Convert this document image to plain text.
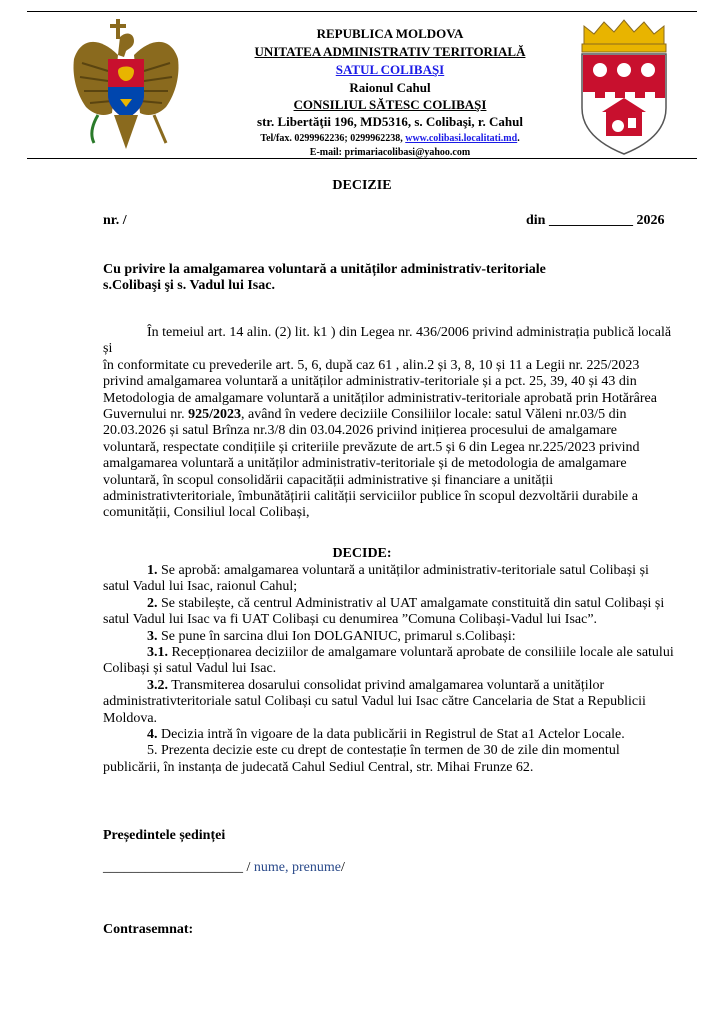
REPUBLICA MOLDOVA
UNITATEA ADMINISTRATIV TERITORIALĂ
SATUL COLIBAŞI
Raionul Cahul
CONSILIUL SĂTESC COLIBAŞI
str. Libertăţii 196, MD5316, s. Colibaşi, r. Cahul
Tel/fax. 0299962236; 0299962238, www.colibasi.localitati.md.
E-mail: primariacolibasi@yahoo.com
DECIZIE
nr. /	din ____________ 2026

Cu privire la amalgamarea voluntară a unităților administrativ-teritoriale

s.Colibaşi şi s. Vadul lui Isac.

În temeiul art. 14 alin. (2) lit. k1 ) din Legea nr. 436/2006 privind administrația publică locală și

în conformitate cu prevederile art. 5, 6, după caz 61 , alin.2 și 3, 8, 10 și 11 a Legii nr. 225/2023 privind amalgamarea voluntară a unităților administrativ-teritoriale și a pct. 25, 39, 40 și 43 din Metodologia de amalgamare voluntară a unităților administrativ-teritoriale aprobată prin Hotărârea Guvernului nr. 925/2023, având în vedere deciziile Consiliilor locale: satul Văleni nr.03/5 din 20.03.2026 și satul Brînza nr.3/8 din 03.04.2026 privind inițierea procesului de amalgamare voluntară, respectate condițiile și criteriile prevăzute de art.5 și 6 din Legea nr.225/2023 privind amalgamarea voluntară a unităților administrativ-teritoriale și de metodologia de amalgamare voluntară, în scopul consolidării capacității administrative și financiare a unității administrativteritoriale, îmbunătățirii calității serviciilor publice în scopul dezvoltării durabile a comunității, Consiliul local Colibași,

DECIDE:

1. Se aprobă: amalgamarea voluntară a unităților administrativ-teritoriale satul Colibași și satul Vadul lui Isac, raionul Cahul;

2. Se stabilește, că centrul Administrativ al UAT amalgamate constituită din satul Colibași și satul Vadul lui Isac va fi UAT Colibași cu denumirea ”Comuna Colibași-Vadul lui Isac”.

3. Se pune în sarcina dlui Ion DOLGANIUC, primarul s.Colibași:

3.1. Recepționarea deciziilor de amalgamare voluntară aprobate de consiliile locale ale satului Colibași și satul Vadul lui Isac.

3.2. Transmiterea dosarului consolidat privind amalgamarea voluntară a unităților administrativteritoriale satul Colibași cu satul Vadul lui Isac către Cancelaria de Stat a Republicii Moldova.

4. Decizia intră în vigoare de la data publicării in Registrul de Stat a1 Actelor Locale.

5. Prezenta decizie este cu drept de contestație în termen de 30 de zile din momentul publicării, în instanța de judecată Cahul Sediul Central, str. Mihai Frunze 62.

Președintele ședinței
____________________ / nume, prenume/
Contrasemnat:
